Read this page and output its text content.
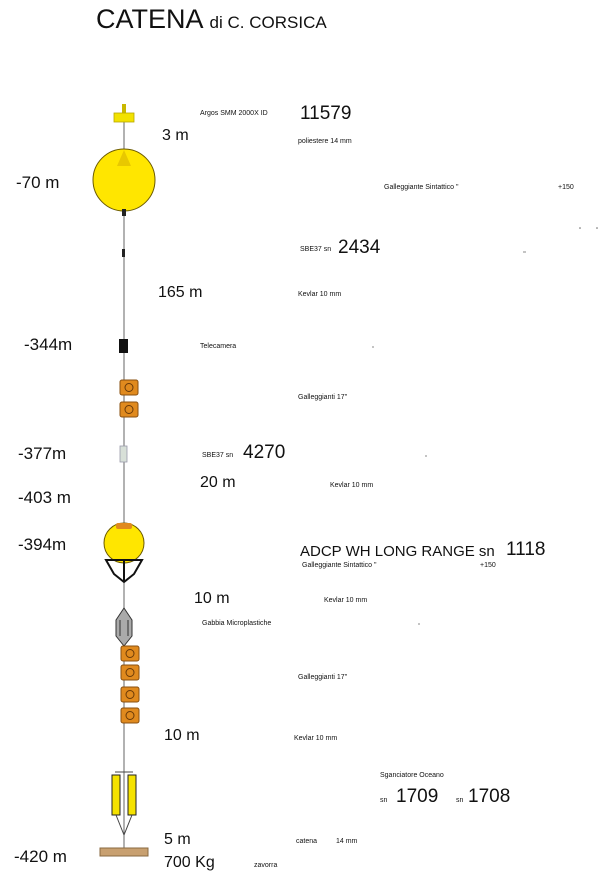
CATENA di C. CORSICA
-70 m
-344m
-377m
-403 m
-394m
-420 m
3 m
165 m
20 m
10 m
10 m
5 m
700 Kg
Argos SMM 2000X ID 11579
poliestere 14 mm
Galleggiante Sintattico "	+150
SBE37 sn 2434
Kevlar 10 mm
Telecamera
Galleggianti 17"
SBE37 sn 4270
Kevlar 10 mm
ADCP WH LONG RANGE sn 1118
Galleggiante Sintattico "	+150
Kevlar 10 mm
Gabbia Microplastiche
Galleggianti 17"
Kevlar 10 mm
Sganciatore Oceano
sn 1709	sn 1708
catena	14 mm
zavorra
